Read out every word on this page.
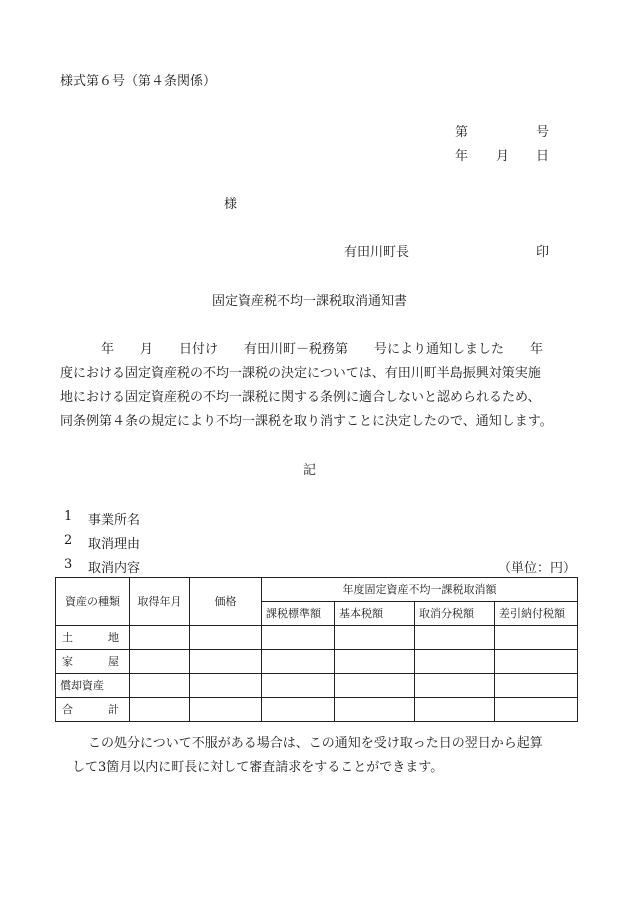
様式第６号（第４条関係）
第	号
年 月 日
様
有田川町長	印
固定資産税不均一課税取消通知書
年　　月　　日付け　　有田川町－税務第　　号により通知しました　　年
度における固定資産税の不均一課税の決定については、有田川町半島振興対策実施
地における固定資産税の不均一課税に関する条例に適合しないと認められるため、
同条例第４条の規定により不均一課税を取り消すことに決定したので、通知します。
記
1 事業所名
2 取消理由
3 取消内容	（単位：円）
資産の種類	取得年月	価格	年度固定資産不均一課税取消額			
			課税標準額	基本税額	取消分税額	差引納付税額

土 地						

家 屋						

償却資産						

合 計						

この処分について不服がある場合は、この通知を受け取った日の翌日から起算
して3箇月以内に町長に対して審査請求をすることができます。
